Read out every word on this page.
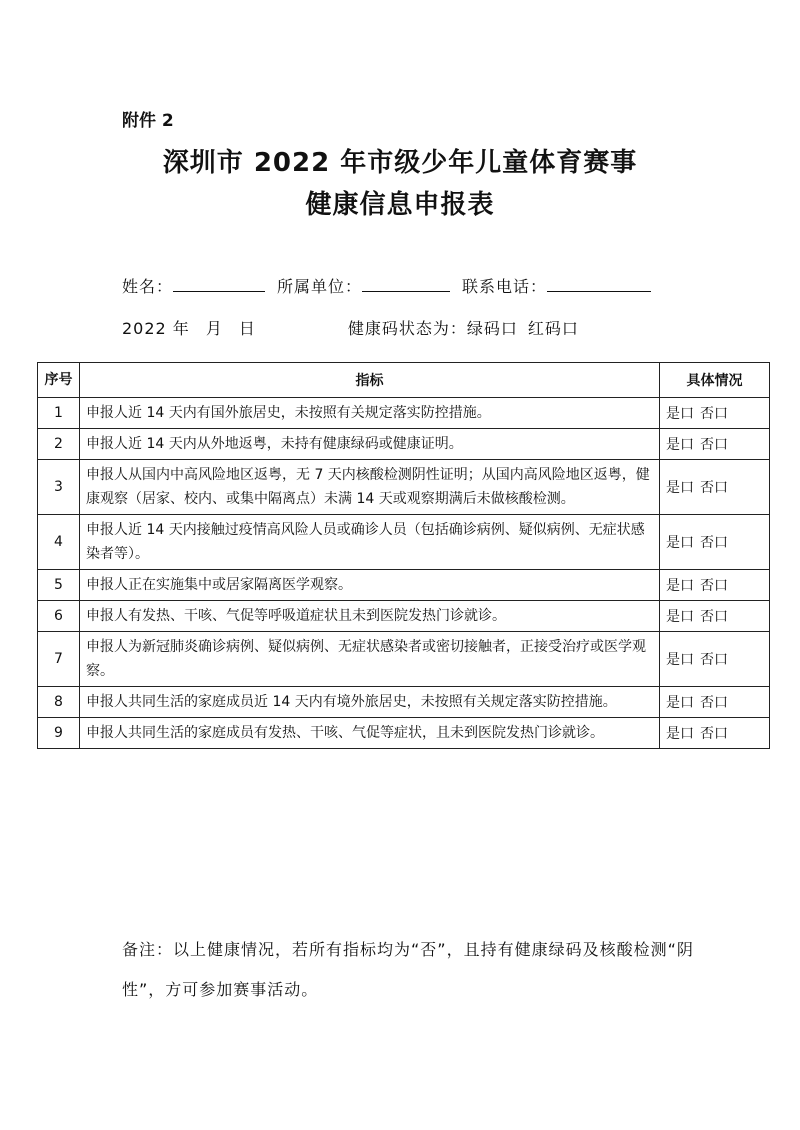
附件 2
深圳市 2022 年市级少年儿童体育赛事
健康信息申报表
姓名：	所属单位：	联系电话：
2022 年 月 日	健康码状态为：绿码口 红码口
序号	指标	具体情况
1	申报人近 14 天内有国外旅居史，未按照有关规定落实防控措施。	是口 否口
2	申报人近 14 天内从外地返粤，未持有健康绿码或健康证明。	是口 否口
3	申报人从国内中高风险地区返粤，无 7 天内核酸检测阴性证明；从国内高风险地区返粤，健康观察（居家、校内、或集中隔离点）未满 14 天或观察期满后未做核酸检测。	是口 否口
4	申报人近 14 天内接触过疫情高风险人员或确诊人员（包括确诊病例、疑似病例、无症状感染者等）。	是口 否口
5	申报人正在实施集中或居家隔离医学观察。	是口 否口
6	申报人有发热、干咳、气促等呼吸道症状且未到医院发热门诊就诊。	是口 否口
7	申报人为新冠肺炎确诊病例、疑似病例、无症状感染者或密切接触者，正接受治疗或医学观察。	是口 否口
8	申报人共同生活的家庭成员近 14 天内有境外旅居史，未按照有关规定落实防控措施。	是口 否口
9	申报人共同生活的家庭成员有发热、干咳、气促等症状，且未到医院发热门诊就诊。	是口 否口
备注：以上健康情况，若所有指标均为“否”，且持有健康绿码及核酸检测“阴性”，方可参加赛事活动。
